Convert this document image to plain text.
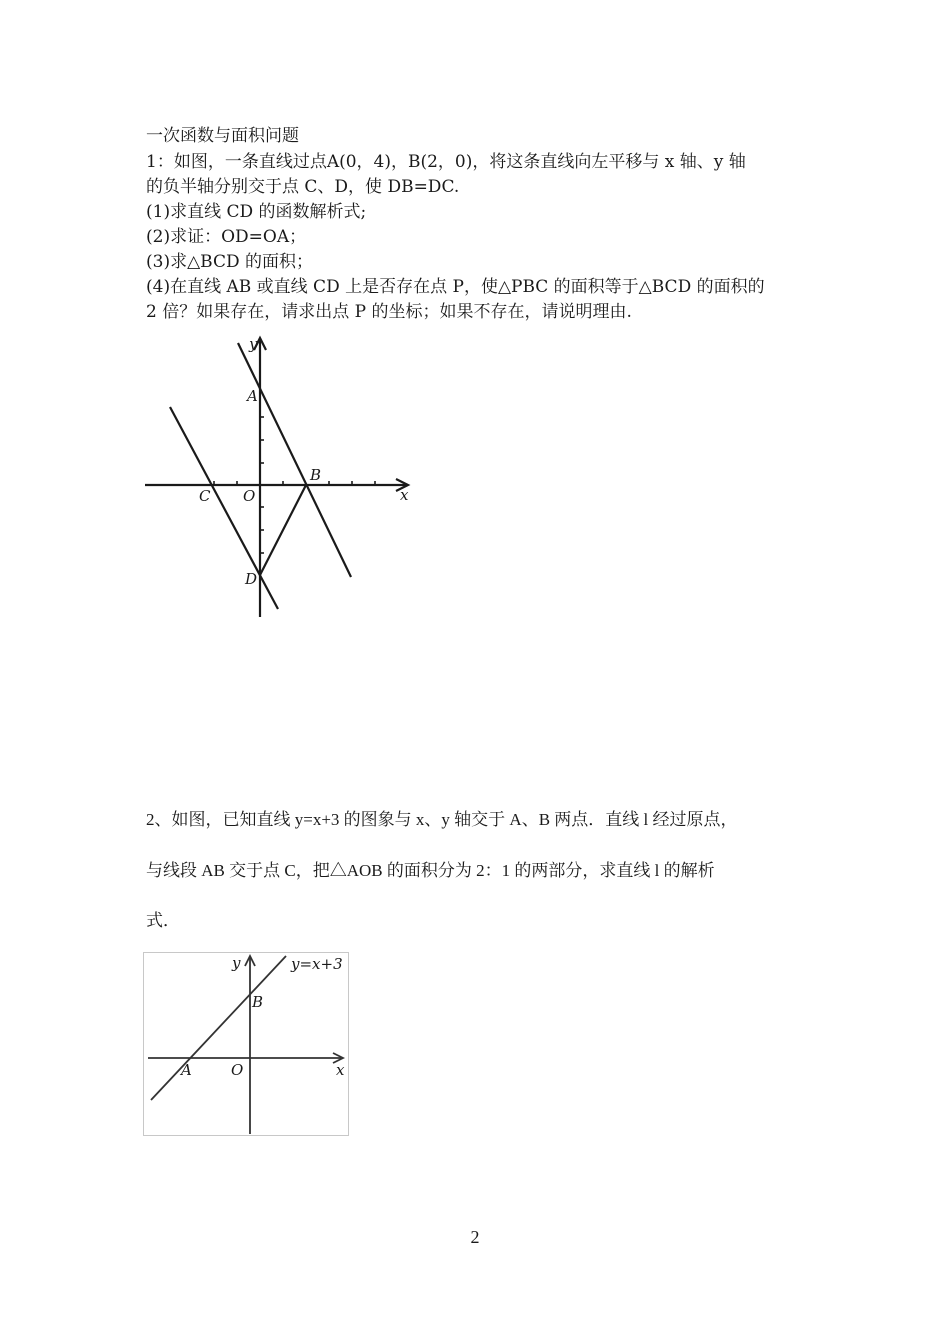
一次函数与面积问题
1：如图，一条直线过点A(0，4)，B(2，0)，将这条直线向左平移与 x 轴、y 轴
的负半轴分别交于点 C、D，使 DB=DC.
(1)求直线 CD 的函数解析式;
(2)求证：OD=OA；
(3)求△BCD 的面积；
(4)在直线 AB 或直线 CD 上是否存在点 P，使△PBC 的面积等于△BCD 的面积的
2 倍？如果存在，请求出点 P 的坐标；如果不存在，请说明理由.
y
x
A
B
C O
D
2、如图，已知直线 y=x+3 的图象与 x、y 轴交于 A、B 两点．直线 l 经过原点，
与线段 AB 交于点 C，把△AOB 的面积分为 2：1 的两部分，求直线 l 的解析
式．
y	y=x+3
B
A	O	x
2
